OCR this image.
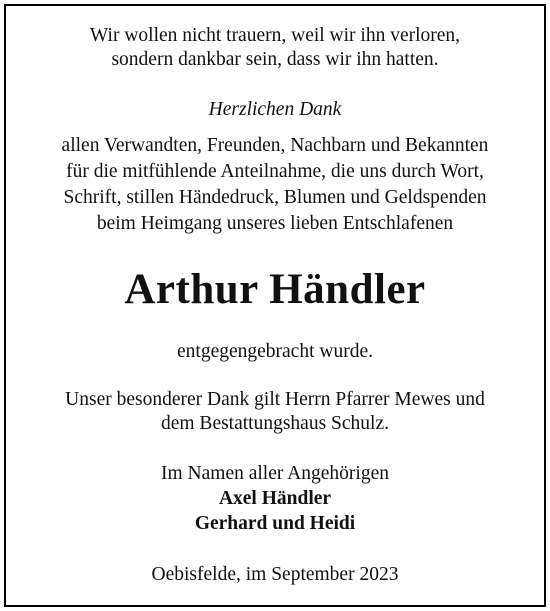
Wir wollen nicht trauern, weil wir ihn verloren,
sondern dankbar sein, dass wir ihn hatten.
Herzlichen Dank
allen Verwandten, Freunden, Nachbarn und Bekannten
für die mitfühlende Anteilnahme, die uns durch Wort,
Schrift, stillen Händedruck, Blumen und Geldspenden
beim Heimgang unseres lieben Entschlafenen
Arthur Händler
entgegengebracht wurde.
Unser besonderer Dank gilt Herrn Pfarrer Mewes und
dem Bestattungshaus Schulz.
Im Namen aller Angehörigen
Axel Händler
Gerhard und Heidi
Oebisfelde, im September 2023
